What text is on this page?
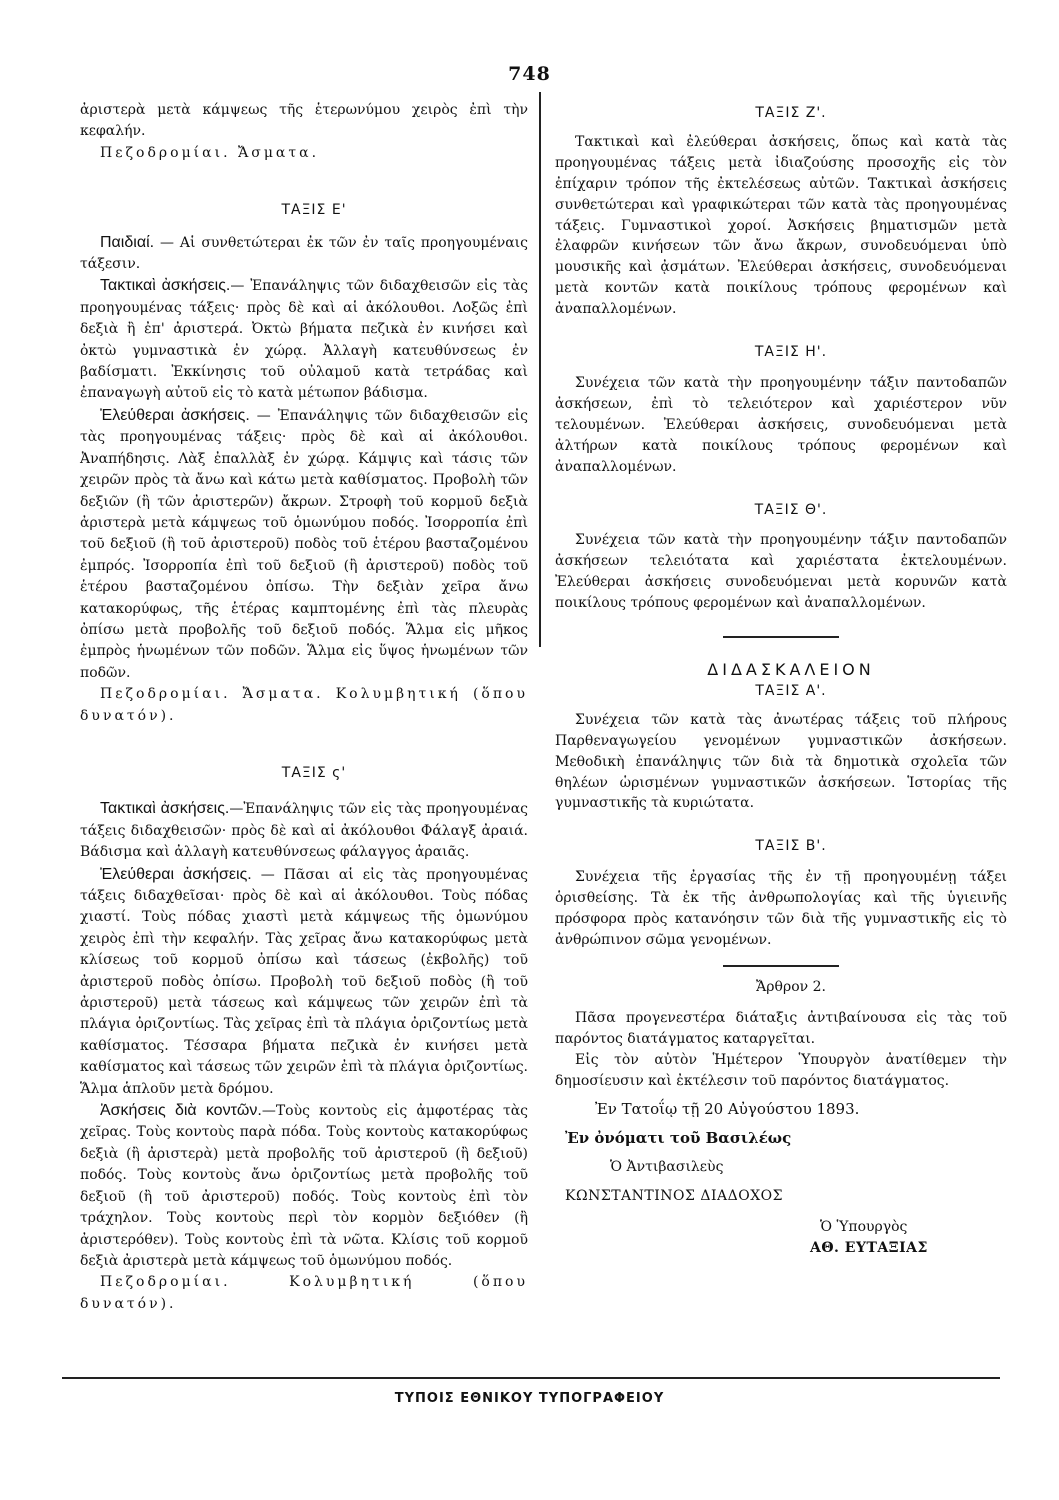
748

ἀριστερὰ μετὰ κάμψεως τῆς ἑτερωνύμου χειρὸς ἐπὶ τὴν κεφαλήν.

Πεζοδρομίαι. Ἄσματα.

ΤΑΞΙΣ Ε'

Παιδιαί. — Αἱ συνθετώτεραι ἐκ τῶν ἐν ταῖς προηγουμέναις τάξεσιν.

Τακτικαὶ ἀσκήσεις.— Ἐπανάληψις τῶν διδαχθεισῶν εἰς τὰς προηγουμένας τάξεις· πρὸς δὲ καὶ αἱ ἀκόλουθοι. Λοξῶς ἐπὶ δεξιὰ ἢ ἐπ' ἀριστερά. Ὀκτὼ βήματα πεζικὰ ἐν κινήσει καὶ ὀκτὼ γυμναστικὰ ἐν χώρᾳ. Ἀλλαγὴ κατευθύνσεως ἐν βαδίσματι. Ἐκκίνησις τοῦ οὐλαμοῦ κατὰ τετράδας καὶ ἐπαναγωγὴ αὐτοῦ εἰς τὸ κατὰ μέτωπον βάδισμα.

Ἐλεύθεραι ἀσκήσεις. — Ἐπανάληψις τῶν διδαχθεισῶν εἰς τὰς προηγουμένας τάξεις· πρὸς δὲ καὶ αἱ ἀκόλουθοι. Ἀναπήδησις. Λὰξ ἐπαλλὰξ ἐν χώρᾳ. Κάμψις καὶ τάσις τῶν χειρῶν πρὸς τὰ ἄνω καὶ κάτω μετὰ καθίσματος. Προβολὴ τῶν δεξιῶν (ἢ τῶν ἀριστερῶν) ἄκρων. Στροφὴ τοῦ κορμοῦ δεξιὰ ἀριστερὰ μετὰ κάμψεως τοῦ ὁμωνύμου ποδός. Ἰσορροπία ἐπὶ τοῦ δεξιοῦ (ἢ τοῦ ἀριστεροῦ) ποδὸς τοῦ ἑτέρου βασταζομένου ἐμπρός. Ἰσορροπία ἐπὶ τοῦ δεξιοῦ (ἢ ἀριστεροῦ) ποδὸς τοῦ ἑτέρου βασταζομένου ὀπίσω. Τὴν δεξιὰν χεῖρα ἄνω κατακορύφως, τῆς ἑτέρας καμπτομένης ἐπὶ τὰς πλευρὰς ὀπίσω μετὰ προβολῆς τοῦ δεξιοῦ ποδός. Ἅλμα εἰς μῆκος ἐμπρὸς ἡνωμένων τῶν ποδῶν. Ἅλμα εἰς ὕψος ἡνωμένων τῶν ποδῶν.

Πεζοδρομίαι. Ἄσματα. Κολυμβητική (ὅπου δυνατόν).

ΤΑΞΙΣ ς'

Τακτικαὶ ἀσκήσεις.—Ἐπανάληψις τῶν εἰς τὰς προηγουμένας τάξεις διδαχθεισῶν· πρὸς δὲ καὶ αἱ ἀκόλουθοι Φάλαγξ ἀραιά. Βάδισμα καὶ ἀλλαγὴ κατευθύνσεως φάλαγγος ἀραιᾶς.

Ἐλεύθεραι ἀσκήσεις. — Πᾶσαι αἱ εἰς τὰς προηγουμένας τάξεις διδαχθεῖσαι· πρὸς δὲ καὶ αἱ ἀκόλουθοι. Τοὺς πόδας χιαστί. Τοὺς πόδας χιαστὶ μετὰ κάμψεως τῆς ὁμωνύμου χειρὸς ἐπὶ τὴν κεφαλήν. Τὰς χεῖρας ἄνω κατακορύφως μετὰ κλίσεως τοῦ κορμοῦ ὀπίσω καὶ τάσεως (ἐκβολῆς) τοῦ ἀριστεροῦ ποδὸς ὀπίσω. Προβολὴ τοῦ δεξιοῦ ποδὸς (ἢ τοῦ ἀριστεροῦ) μετὰ τάσεως καὶ κάμψεως τῶν χειρῶν ἐπὶ τὰ πλάγια ὀριζοντίως. Τὰς χεῖρας ἐπὶ τὰ πλάγια ὀριζοντίως μετὰ καθίσματος. Τέσσαρα βήματα πεζικὰ ἐν κινήσει μετὰ καθίσματος καὶ τάσεως τῶν χειρῶν ἐπὶ τὰ πλάγια ὀριζοντίως. Ἅλμα ἁπλοῦν μετὰ δρόμου.

Ἀσκήσεις διὰ κοντῶν.—Τοὺς κοντοὺς εἰς ἀμφοτέρας τὰς χεῖρας. Τοὺς κοντοὺς παρὰ πόδα. Τοὺς κοντοὺς κατακορύφως δεξιὰ (ἢ ἀριστερὰ) μετὰ προβολῆς τοῦ ἀριστεροῦ (ἢ δεξιοῦ) ποδός. Τοὺς κοντοὺς ἄνω ὀριζοντίως μετὰ προβολῆς τοῦ δεξιοῦ (ἢ τοῦ ἀριστεροῦ) ποδός. Τοὺς κοντοὺς ἐπὶ τὸν τράχηλον. Τοὺς κοντοὺς περὶ τὸν κορμὸν δεξιόθεν (ἢ ἀριστερόθεν). Τοὺς κοντοὺς ἐπὶ τὰ νῶτα. Κλίσις τοῦ κορμοῦ δεξιὰ ἀριστερὰ μετὰ κάμψεως τοῦ ὁμωνύμου ποδός.

Πεζοδρομίαι. Κολυμβητική (ὅπου δυνατόν).

ΤΑΞΙΣ Ζ'.

Τακτικαὶ καὶ ἐλεύθεραι ἀσκήσεις, ὅπως καὶ κατὰ τὰς προηγουμένας τάξεις μετὰ ἰδιαζούσης προσοχῆς εἰς τὸν ἐπίχαριν τρόπον τῆς ἐκτελέσεως αὐτῶν. Τακτικαὶ ἀσκήσεις συνθετώτεραι καὶ γραφικώτεραι τῶν κατὰ τὰς προηγουμένας τάξεις. Γυμναστικοὶ χοροί. Ἀσκήσεις βηματισμῶν μετὰ ἐλαφρῶν κινήσεων τῶν ἄνω ἄκρων, συνοδευόμεναι ὑπὸ μουσικῆς καὶ ᾀσμάτων. Ἐλεύθεραι ἀσκήσεις, συνοδευόμεναι μετὰ κοντῶν κατὰ ποικίλους τρόπους φερομένων καὶ ἀναπαλλομένων.

ΤΑΞΙΣ Η'.

Συνέχεια τῶν κατὰ τὴν προηγουμένην τάξιν παντοδαπῶν ἀσκήσεων, ἐπὶ τὸ τελειότερον καὶ χαριέστερον νῦν τελουμένων. Ἐλεύθεραι ἀσκήσεις, συνοδευόμεναι μετὰ ἀλτήρων κατὰ ποικίλους τρόπους φερομένων καὶ ἀναπαλλομένων.

ΤΑΞΙΣ Θ'.

Συνέχεια τῶν κατὰ τὴν προηγουμένην τάξιν παντοδαπῶν ἀσκήσεων τελειότατα καὶ χαριέστατα ἐκτελουμένων. Ἐλεύθεραι ἀσκήσεις συνοδευόμεναι μετὰ κορυνῶν κατὰ ποικίλους τρόπους φερομένων καὶ ἀναπαλλομένων.

ΔΙΔΑΣΚΑΛΕΙΟΝ

ΤΑΞΙΣ Α'.

Συνέχεια τῶν κατὰ τὰς ἀνωτέρας τάξεις τοῦ πλήρους Παρθεναγωγείου γενομένων γυμναστικῶν ἀσκήσεων. Μεθοδικὴ ἐπανάληψις τῶν διὰ τὰ δημοτικὰ σχολεῖα τῶν θηλέων ὡρισμένων γυμναστικῶν ἀσκήσεων. Ἱστορίας τῆς γυμναστικῆς τὰ κυριώτατα.

ΤΑΞΙΣ Β'.

Συνέχεια τῆς ἐργασίας τῆς ἐν τῇ προηγουμένῃ τάξει ὁρισθείσης. Τὰ ἐκ τῆς ἀνθρωπολογίας καὶ τῆς ὑγιεινῆς πρόσφορα πρὸς κατανόησιν τῶν διὰ τῆς γυμναστικῆς εἰς τὸ ἀνθρώπινον σῶμα γενομένων.

Ἄρθρον 2.

Πᾶσα προγενεστέρα διάταξις ἀντιβαίνουσα εἰς τὰς τοῦ παρόντος διατάγματος καταργεῖται.

Εἰς τὸν αὐτὸν Ἡμέτερον Ὑπουργὸν ἀνατίθεμεν τὴν δημοσίευσιν καὶ ἐκτέλεσιν τοῦ παρόντος διατάγματος.

Ἐν Τατοΐῳ τῇ 20 Αὐγούστου 1893.

Ἐν ὀνόματι τοῦ Βασιλέως

Ὁ Ἀντιβασιλεὺς

ΚΩΝΣΤΑΝΤΙΝΟΣ ΔΙΑΔΟΧΟΣ

Ὁ Ὑπουργὸς

ΑΘ. ΕΥΤΑΞΙΑΣ

ΤΥΠΟΙΣ ΕΘΝΙΚΟΥ ΤΥΠΟΓΡΑΦΕΙΟΥ
